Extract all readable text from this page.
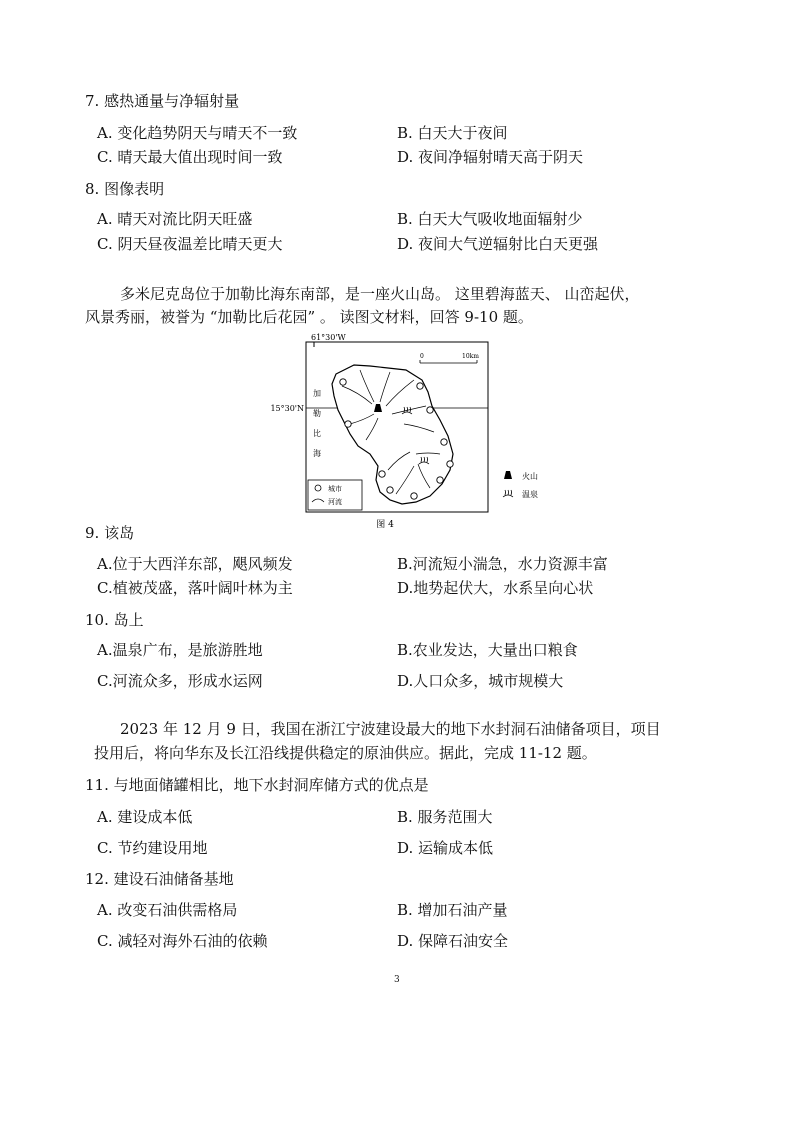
7. 感热通量与净辐射量
A. 变化趋势阴天与晴天不一致	B. 白天大于夜间
C. 晴天最大值出现时间一致	D. 夜间净辐射晴天高于阴天
8. 图像表明
A. 晴天对流比阴天旺盛	B. 白天大气吸收地面辐射少
C. 阴天昼夜温差比晴天更大	D. 夜间大气逆辐射比白天更强
多米尼克岛位于加勒比海东南部，是一座火山岛。 这里碧海蓝天、 山峦起伏，
风景秀丽，被誉为 “加勒比后花园” 。 读图文材料，回答 9-10 题。
61°30'W
15°30'N
0	10km
加
勒
比
海
城市
河流
火山
温泉
图 4
9. 该岛
A.位于大西洋东部，飓风频发	B.河流短小湍急，水力资源丰富
C.植被茂盛，落叶阔叶林为主	D.地势起伏大，水系呈向心状
10. 岛上
A.温泉广布，是旅游胜地	B.农业发达，大量出口粮食
C.河流众多，形成水运网	D.人口众多，城市规模大
2023 年 12 月 9 日，我国在浙江宁波建设最大的地下水封洞石油储备项目，项目
投用后，将向华东及长江沿线提供稳定的原油供应。据此，完成 11-12 题。
11. 与地面储罐相比，地下水封洞库储方式的优点是
A. 建设成本低	B. 服务范围大
C. 节约建设用地	D. 运输成本低
12. 建设石油储备基地
A. 改变石油供需格局	B. 增加石油产量
C. 减轻对海外石油的依赖	D. 保障石油安全
3
